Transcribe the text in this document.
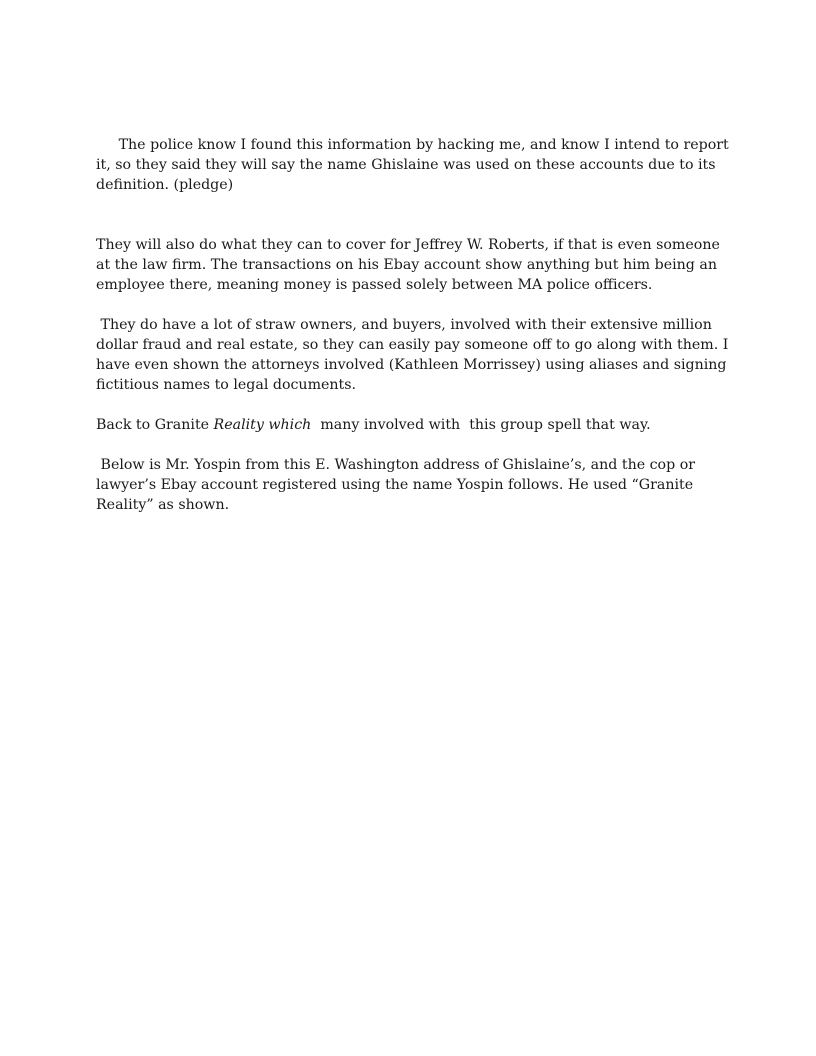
The police know I found this information by hacking me, and know I intend to report it, so they said they will say the name Ghislaine was used on these accounts due to its definition. (pledge)

They will also do what they can to cover for Jeffrey W. Roberts, if that is even someone at the law firm. The transactions on his Ebay account show anything but him being an employee there, meaning money is passed solely between MA police officers.

They do have a lot of straw owners, and buyers, involved with their extensive million dollar fraud and real estate, so they can easily pay someone off to go along with them. I have even shown the attorneys involved (Kathleen Morrissey) using aliases and signing fictitious names to legal documents.

Back to Granite Reality which  many involved with  this group spell that way.

Below is Mr. Yospin from this E. Washington address of Ghislaine’s, and the cop or lawyer’s Ebay account registered using the name Yospin follows. He used “Granite Reality” as shown.
